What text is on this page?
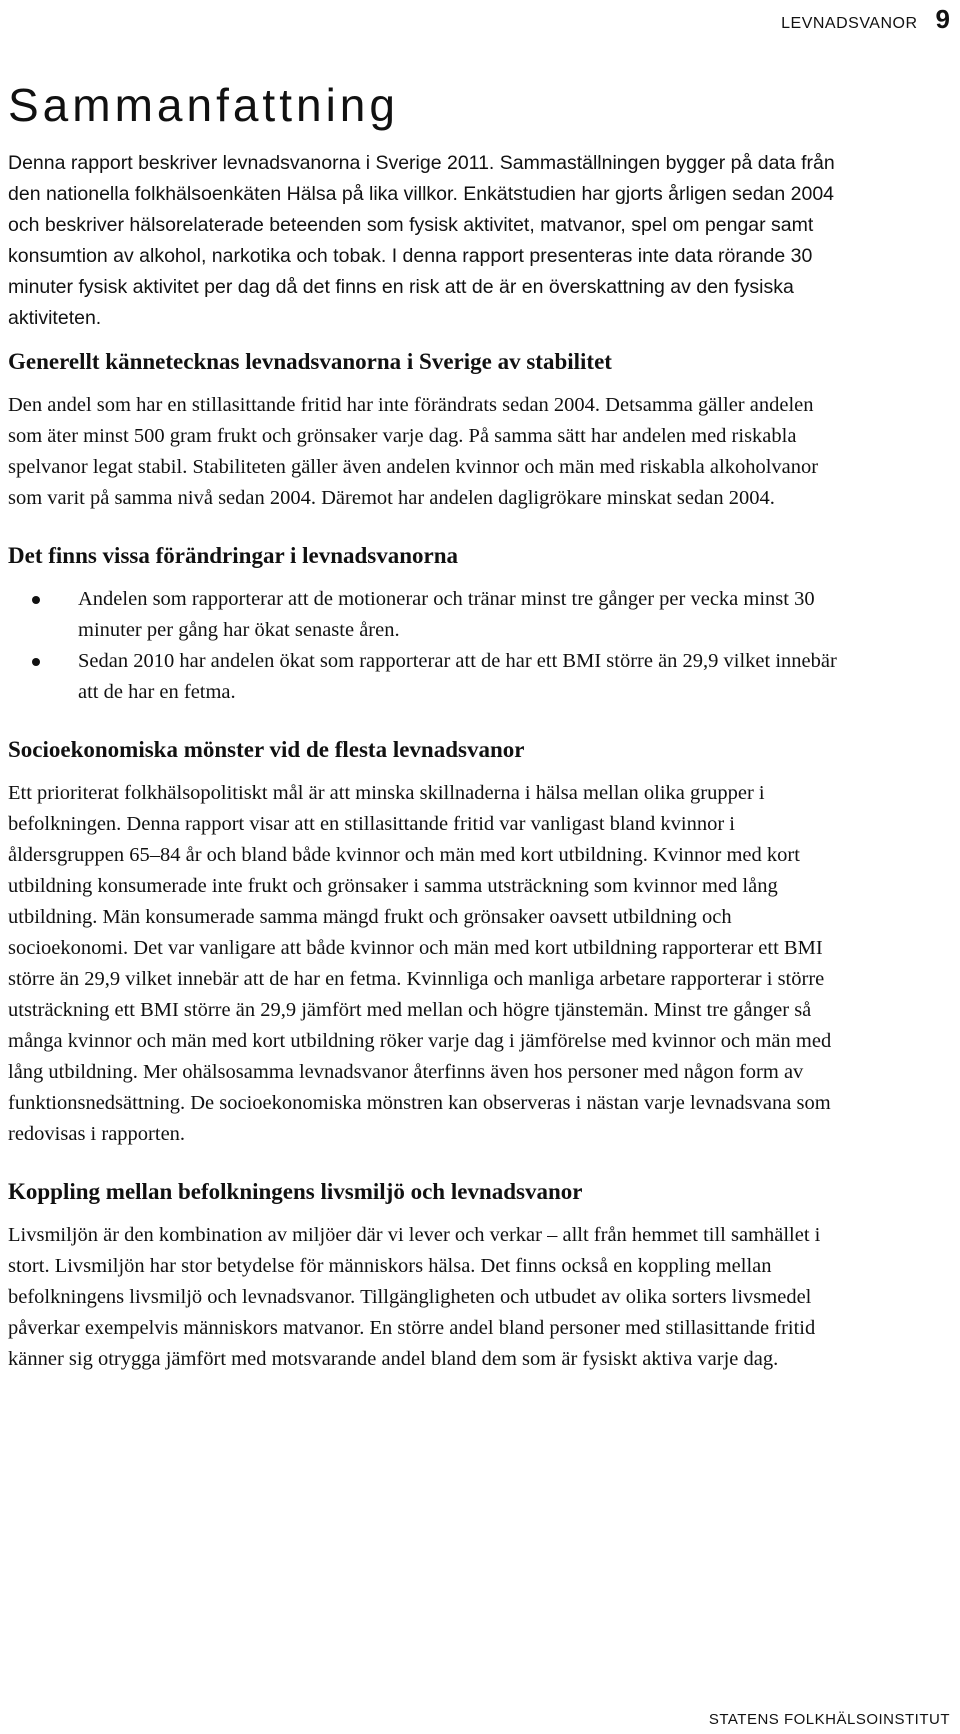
LEVNADSVANOR 9
Sammanfattning

Denna rapport beskriver levnadsvanorna i Sverige 2011. Sammaställningen bygger på data från den nationella folkhälsoenkäten Hälsa på lika villkor. Enkätstudien har gjorts årligen sedan 2004 och beskriver hälsorelaterade beteenden som fysisk aktivitet, matvanor, spel om pengar samt konsumtion av alkohol, narkotika och tobak. I denna rapport presenteras inte data rörande 30 minuter fysisk aktivitet per dag då det finns en risk att de är en överskattning av den fysiska aktiviteten.

Generellt kännetecknas levnadsvanorna i Sverige av stabilitet

Den andel som har en stillasittande fritid har inte förändrats sedan 2004. Detsamma gäller andelen som äter minst 500 gram frukt och grönsaker varje dag. På samma sätt har andelen med riskabla spelvanor legat stabil. Stabiliteten gäller även andelen kvinnor och män med riskabla alkoholvanor som varit på samma nivå sedan 2004. Däremot har andelen dagligrökare minskat sedan 2004.

Det finns vissa förändringar i levnadsvanorna
Andelen som rapporterar att de motionerar och tränar minst tre gånger per vecka minst 30 minuter per gång har ökat senaste åren.
Sedan 2010 har andelen ökat som rapporterar att de har ett BMI större än 29,9 vilket innebär att de har en fetma.
Socioekonomiska mönster vid de flesta levnadsvanor

Ett prioriterat folkhälsopolitiskt mål är att minska skillnaderna i hälsa mellan olika grupper i befolkningen. Denna rapport visar att en stillasittande fritid var vanligast bland kvinnor i åldersgruppen 65–84 år och bland både kvinnor och män med kort utbildning. Kvinnor med kort utbildning konsumerade inte frukt och grönsaker i samma utsträckning som kvinnor med lång utbildning. Män konsumerade samma mängd frukt och grönsaker oavsett utbildning och socioekonomi. Det var vanligare att både kvinnor och män med kort utbildning rapporterar ett BMI större än 29,9 vilket innebär att de har en fetma. Kvinnliga och manliga arbetare rapporterar i större utsträckning ett BMI större än 29,9 jämfört med mellan och högre tjänstemän. Minst tre gånger så många kvinnor och män med kort utbildning röker varje dag i jämförelse med kvinnor och män med lång utbildning. Mer ohälsosamma levnadsvanor återfinns även hos personer med någon form av funktionsnedsättning. De socioekonomiska mönstren kan observeras i nästan varje levnadsvana som redovisas i rapporten.

Koppling mellan befolkningens livsmiljö och levnadsvanor

Livsmiljön är den kombination av miljöer där vi lever och verkar – allt från hemmet till samhället i stort. Livsmiljön har stor betydelse för människors hälsa. Det finns också en koppling mellan befolkningens livsmiljö och levnadsvanor. Tillgängligheten och utbudet av olika sorters livsmedel påverkar exempelvis människors matvanor. En större andel bland personer med stillasittande fritid känner sig otrygga jämfört med motsvarande andel bland dem som är fysiskt aktiva varje dag.

STATENS FOLKHÄLSOINSTITUT
